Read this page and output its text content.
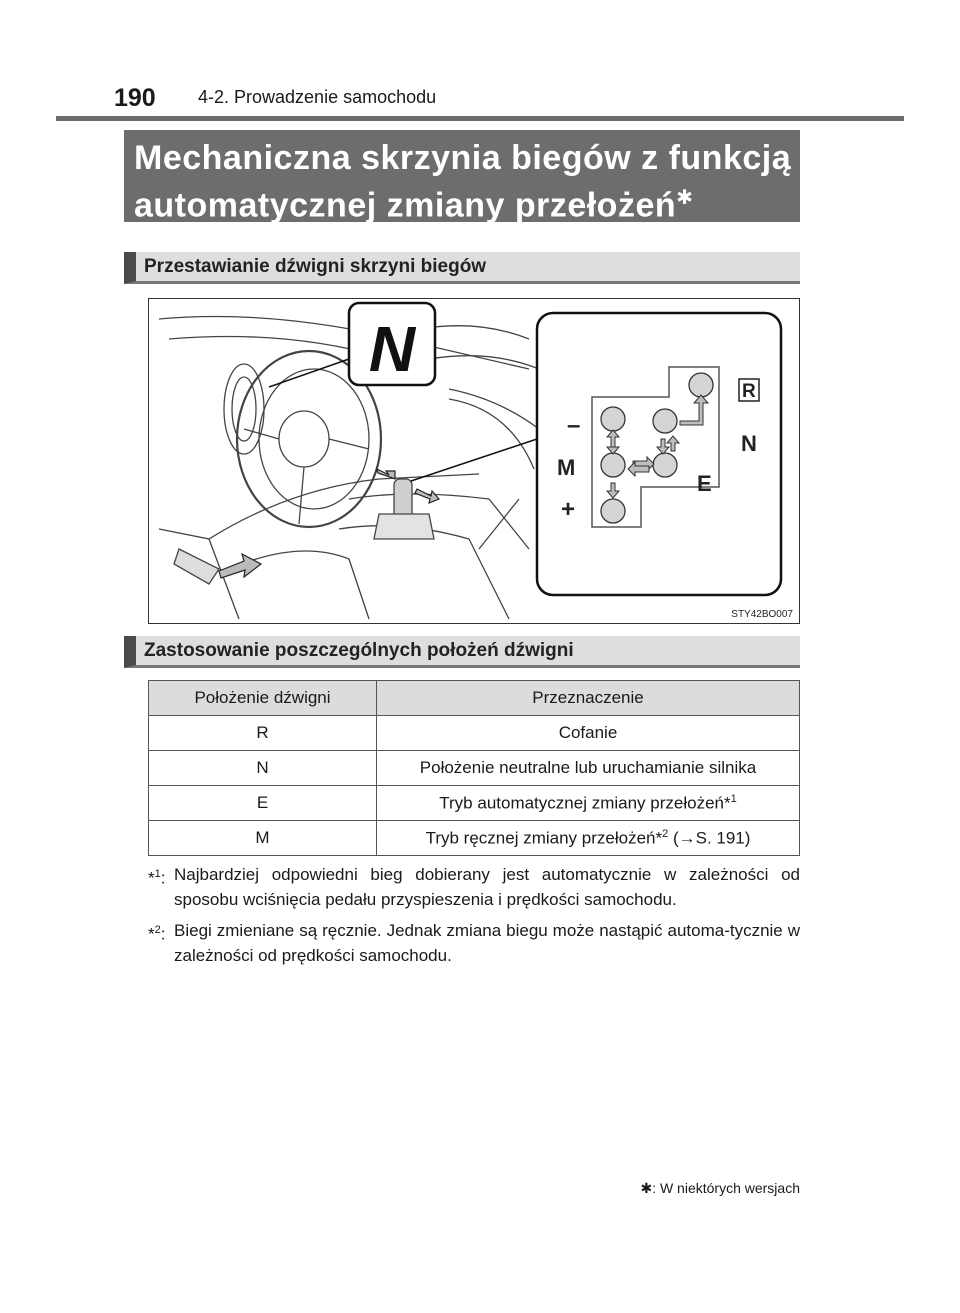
190 4-2. Prowadzenie samochodu
Mechaniczna skrzynia biegów z funkcją
automatycznej zmiany przełożeń✱
Przestawianie dźwigni skrzyni biegów
N
–
M
+
R
N
E
STY42BO007
Zastosowanie poszczególnych położeń dźwigni
Położenie dźwigni	Przeznaczenie
R	Cofanie
N	Położenie neutralne lub uruchamianie silnika
E	Tryb automatycznej zmiany przełożeń*$^1$
M	Tryb ręcznej zmiany przełożeń*$^2$ (→S. 191)
*$^1$: Najbardziej odpowiedni bieg dobierany jest automatycznie w zależności od sposobu wciśnięcia pedału przyspieszenia i prędkości samochodu.
*$^2$: Biegi zmieniane są ręcznie. Jednak zmiana biegu może nastąpić automa-tycznie w zależności od prędkości samochodu.
✱: W niektórych wersjach
